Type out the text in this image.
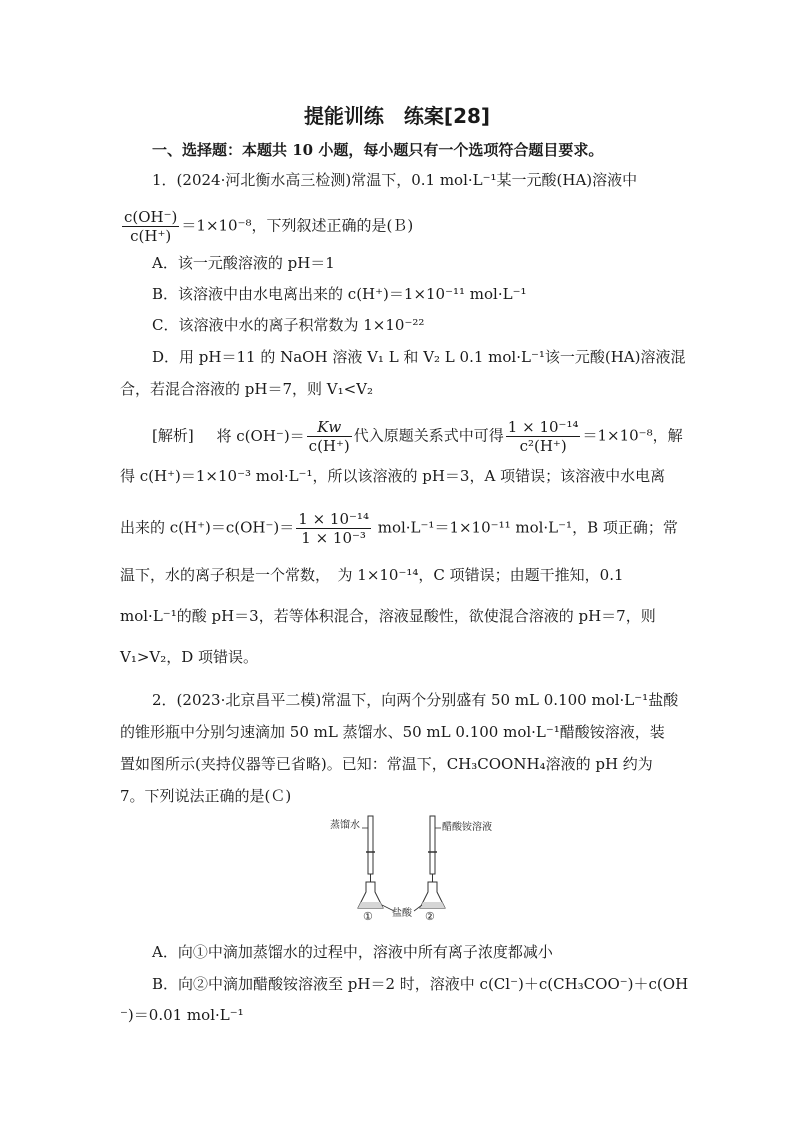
提能训练　练案[28]
一、选择题：本题共 10 小题，每小题只有一个选项符合题目要求。
1．(2024·河北衡水高三检测)常温下，0.1 mol·L⁻¹某一元酸(HA)溶液中
$\frac{c(OH^-)}{c(H^+)} =1\times 10^{-8}$，下列叙述正确的是(Ｂ)
A．该一元酸溶液的 pH＝1
B．该溶液中由水电离出来的 c(H⁺)＝1×10⁻¹¹ mol·L⁻¹
C．该溶液中水的离子积常数为 1×10⁻²²
D．用 pH＝11 的 NaOH 溶液 V₁ L 和 V₂ L 0.1 mol·L⁻¹该一元酸(HA)溶液混
合，若混合溶液的 pH＝7，则 V₁<V₂
[解析] 将 $c(OH^-)= \frac{Kw}{c(H^+)}$ 代入原题关系式中可得 $\frac{\text{1 × 10⁻¹⁴}}{\text{c²(H⁺)}} =1\times 10^{-8}$，解
得 c(H⁺)＝1×10⁻³ mol·L⁻¹，所以该溶液的 pH＝3，A 项错误；该溶液中水电离
出来的 $c(H^+)=c(OH^-)= \frac{\text{1 × 10⁻¹⁴}}{\text{1 × 10⁻³}} mol\cdot L^{-1}=1\times 10^{-11}$ mol·L⁻¹，B 项正确；常
温下，水的离子积是一个常数，　为 1×10⁻¹⁴，C 项错误；由题干推知，0.1
mol·L⁻¹的酸 pH＝3，若等体积混合，溶液显酸性，欲使混合溶液的 pH＝7，则
V₁>V₂，D 项错误。
2．(2023·北京昌平二模)常温下，向两个分别盛有 50 mL 0.100 mol·L⁻¹盐酸
的锥形瓶中分别匀速滴加 50 mL 蒸馏水、50 mL 0.100 mol·L⁻¹醋酸铵溶液，装
置如图所示(夹持仪器等已省略)。已知：常温下，CH₃COONH₄溶液的 pH 约为
7。下列说法正确的是(Ｃ)
蒸馏水	醋酸铵溶液
盐酸
①	②
A．向①中滴加蒸馏水的过程中，溶液中所有离子浓度都减小
B．向②中滴加醋酸铵溶液至 pH＝2 时，溶液中 c(Cl⁻)＋c(CH₃COO⁻)＋c(OH
⁻)＝0.01 mol·L⁻¹
